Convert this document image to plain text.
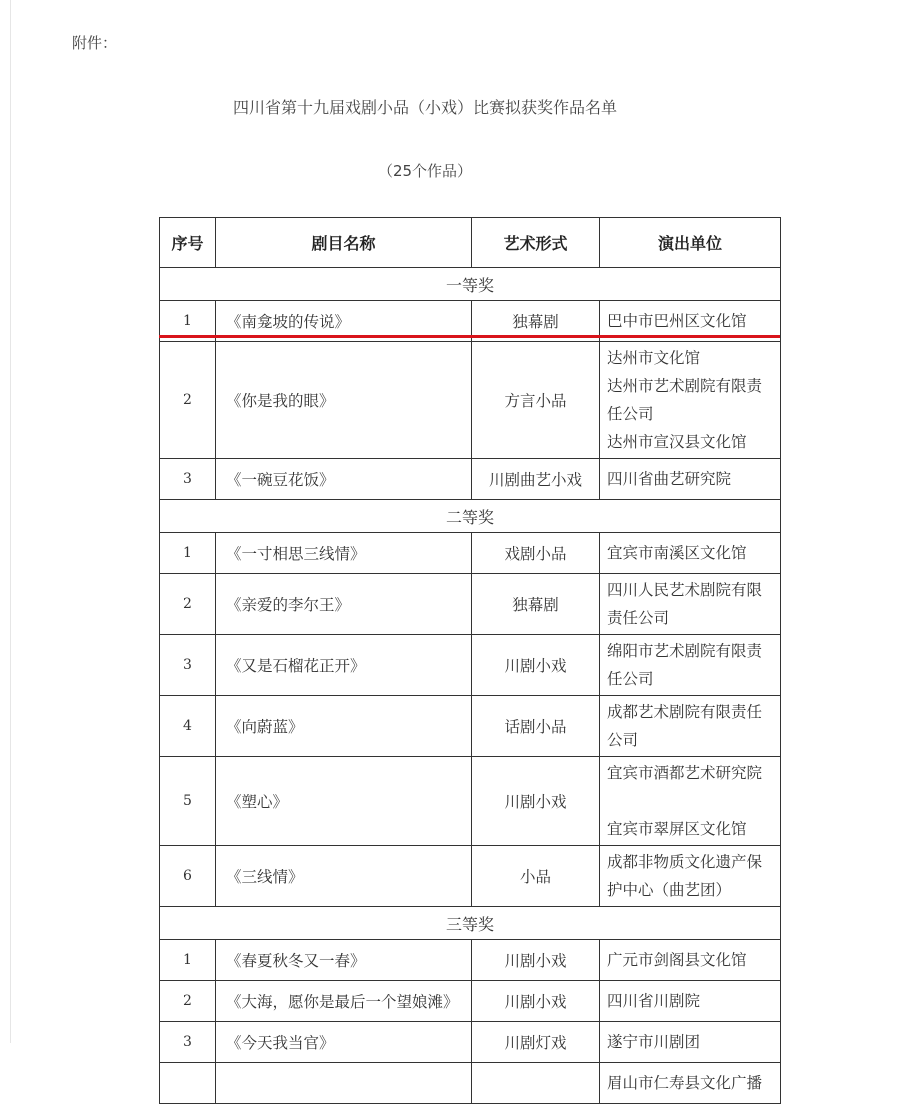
附件：
四川省第十九届戏剧小品（小戏）比赛拟获奖作品名单
（25个作品）
序号	剧目名称	艺术形式	演出单位
一等奖			
1	《南龛坡的传说》	独幕剧	巴中市巴州区文化馆

2	《你是我的眼》	方言小品	达州市文化馆
达州市艺术剧院有限责任公司
达州市宣汉县文化馆

3	《一碗豆花饭》	川剧曲艺小戏	四川省曲艺研究院

二等奖			
1	《一寸相思三线情》	戏剧小品	宜宾市南溪区文化馆

2	《亲爱的李尔王》	独幕剧	四川人民艺术剧院有限责任公司

3	《又是石榴花正开》	川剧小戏	绵阳市艺术剧院有限责任公司

4	《向蔚蓝》	话剧小品	成都艺术剧院有限责任公司

5	《塑心》	川剧小戏	宜宾市酒都艺术研究院
宜宾市翠屏区文化馆

6	《三线情》	小品	成都非物质文化遗产保护中心（曲艺团）

三等奖			
1	《春夏秋冬又一春》	川剧小戏	广元市剑阁县文化馆

2	《大海，愿你是最后一个望娘滩》	川剧小戏	四川省川剧院

3	《今天我当官》	川剧灯戏	遂宁市川剧团

			眉山市仁寿县文化广播
